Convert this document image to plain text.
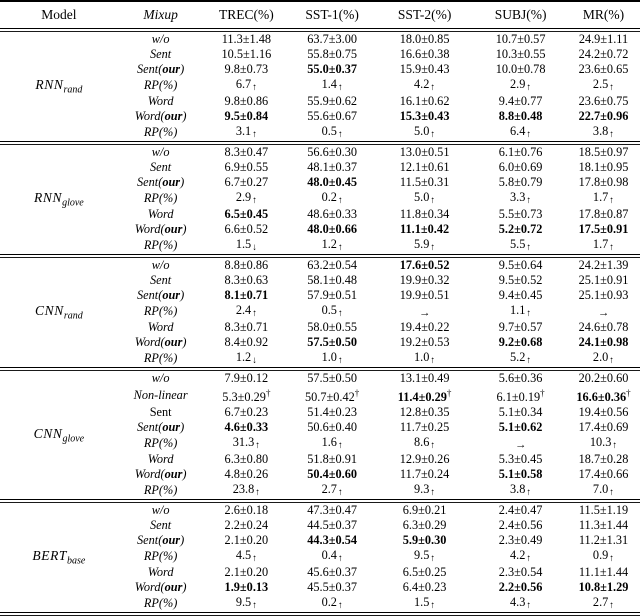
Model	Mixup	TREC(%)	SST-1(%)	SST-2(%)	SUBJ(%)	MR(%)

$RNN_{rand}$	w/o	11.3±1.48	63.7±3.00	18.0±0.85	10.7±0.57	24.9±1.11
	Sent	10.5±1.16	55.8±0.75	16.6±0.38	10.3±0.55	24.2±0.72
	Sent(our)	9.8±0.73	55.0±0.37	15.9±0.43	10.0±0.78	23.6±0.65
	RP(%)	6.7↑	1.4↑	4.2↑	2.9↑	2.5↑
	Word	9.8±0.86	55.9±0.62	16.1±0.62	9.4±0.77	23.6±0.75
	Word(our)	9.5±0.84	55.6±0.67	15.3±0.43	8.8±0.48	22.7±0.96
	RP(%)	3.1↑	0.5↑	5.0↑	6.4↑	3.8↑

$RNN_{glove}$	w/o	8.3±0.47	56.6±0.30	13.0±0.51	6.1±0.76	18.5±0.97
	Sent	6.9±0.55	48.1±0.37	12.1±0.61	6.0±0.69	18.1±0.95
	Sent(our)	6.7±0.27	48.0±0.45	11.5±0.31	5.8±0.79	17.8±0.98
	RP(%)	2.9↑	0.2↑	5.0↑	3.3↑	1.7↑
	Word	6.5±0.45	48.6±0.33	11.8±0.34	5.5±0.73	17.8±0.87
	Word(our)	6.6±0.52	48.0±0.66	11.1±0.42	5.2±0.72	17.5±0.91
	RP(%)	1.5↓	1.2↑	5.9↑	5.5↑	1.7↑

$CNN_{rand}$	w/o	8.8±0.86	63.2±0.54	17.6±0.52	9.5±0.64	24.2±1.39
	Sent	8.3±0.63	58.1±0.48	19.9±0.32	9.5±0.52	25.1±0.91
	Sent(our)	8.1±0.71	57.9±0.51	19.9±0.51	9.4±0.45	25.1±0.93
	RP(%)	2.4↑	0.5↑	→	1.1↑	→
	Word	8.3±0.71	58.0±0.55	19.4±0.22	9.7±0.57	24.6±0.78
	Word(our)	8.4±0.92	57.5±0.50	19.2±0.53	9.2±0.68	24.1±0.98
	RP(%)	1.2↓	1.0↑	1.0↑	5.2↑	2.0↑

$CNN_{glove}$	w/o	7.9±0.12	57.5±0.50	13.1±0.49	5.6±0.36	20.2±0.60
	Non-linear	5.3±0.29†	50.7±0.42†	11.4±0.29†	6.1±0.19†	16.6±0.36†
	Sent	6.7±0.23	51.4±0.23	12.8±0.35	5.1±0.34	19.4±0.56
	Sent(our)	4.6±0.33	50.6±0.40	11.7±0.25	5.1±0.62	17.4±0.69
	RP(%)	31.3↑	1.6↑	8.6↑	→	10.3↑
	Word	6.3±0.80	51.8±0.91	12.9±0.26	5.3±0.45	18.7±0.28
	Word(our)	4.8±0.26	50.4±0.60	11.7±0.24	5.1±0.58	17.4±0.66
	RP(%)	23.8↑	2.7↑	9.3↑	3.8↑	7.0↑

$BERT_{base}$	w/o	2.6±0.18	47.3±0.47	6.9±0.21	2.4±0.47	11.5±1.19
	Sent	2.2±0.24	44.5±0.37	6.3±0.29	2.4±0.56	11.3±1.44
	Sent(our)	2.1±0.20	44.3±0.54	5.9±0.30	2.3±0.49	11.2±1.31
	RP(%)	4.5↑	0.4↑	9.5↑	4.2↑	0.9↑
	Word	2.1±0.20	45.6±0.37	6.5±0.25	2.3±0.54	11.1±1.44
	Word(our)	1.9±0.13	45.5±0.37	6.4±0.23	2.2±0.56	10.8±1.29
	RP(%)	9.5↑	0.2↑	1.5↑	4.3↑	2.7↑
